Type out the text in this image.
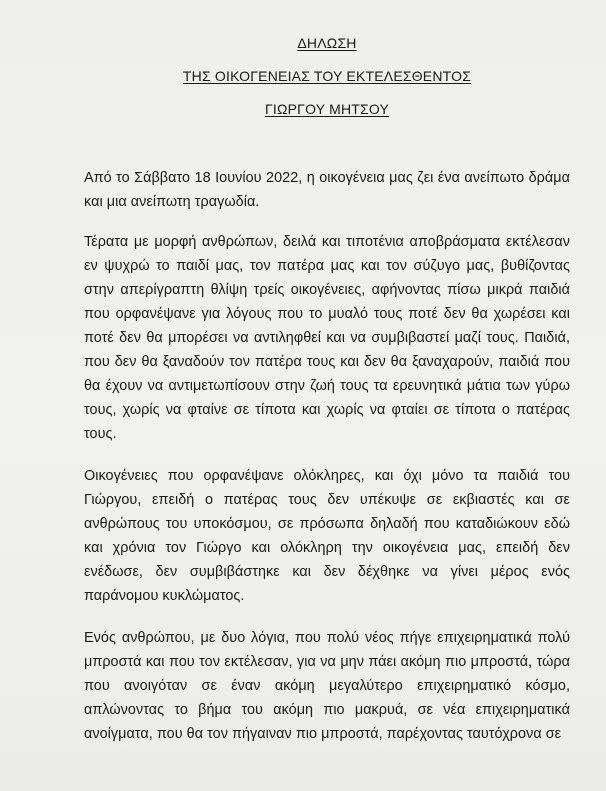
ΔΗΛΩΣΗ
ΤΗΣ ΟΙΚΟΓΕΝΕΙΑΣ ΤΟΥ ΕΚΤΕΛΕΣΘΕΝΤΟΣ
ΓΙΩΡΓΟΥ ΜΗΤΣΟΥ

Από το Σάββατο 18 Ιουνίου 2022, η οικογένεια μας ζει ένα ανείπωτο δράμα και μια ανείπωτη τραγωδία.

Τέρατα με μορφή ανθρώπων, δειλά και τιποτένια αποβράσματα εκτέλεσαν εν ψυχρώ το παιδί μας, τον πατέρα μας και τον σύζυγο μας, βυθίζοντας στην απερίγραπτη θλίψη τρείς οικογένειες, αφήνοντας πίσω μικρά παιδιά που ορφανέψανε για λόγους που το μυαλό τους ποτέ δεν θα χωρέσει και ποτέ δεν θα μπορέσει να αντιληφθεί και να συμβιβαστεί μαζί τους. Παιδιά, που δεν θα ξαναδούν τον πατέρα τους και δεν θα ξαναχαρούν, παιδιά που θα έχουν να αντιμετωπίσουν στην ζωή τους τα ερευνητικά μάτια των γύρω τους, χωρίς να φταίνε σε τίποτα και χωρίς να φταίει σε τίποτα ο πατέρας τους.

Οικογένειες που ορφανέψανε ολόκληρες, και όχι μόνο τα παιδιά του Γιώργου, επειδή ο πατέρας τους δεν υπέκυψε σε εκβιαστές και σε ανθρώπους του υποκόσμου, σε πρόσωπα δηλαδή που καταδιώκουν εδώ και χρόνια τον Γιώργο και ολόκληρη την οικογένεια μας, επειδή δεν ενέδωσε, δεν συμβιβάστηκε και δεν δέχθηκε να γίνει μέρος ενός παράνομου κυκλώματος.

Ενός ανθρώπου, με δυο λόγια, που πολύ νέος πήγε επιχειρηματικά πολύ μπροστά και που τον εκτέλεσαν, για να μην πάει ακόμη πιο μπροστά, τώρα που ανοιγόταν σε έναν ακόμη μεγαλύτερο επιχειρηματικό κόσμο, απλώνοντας το βήμα του ακόμη πιο μακρυά, σε νέα επιχειρηματικά ανοίγματα, που θα τον πήγαιναν πιο μπροστά, παρέχοντας ταυτόχρονα σε
